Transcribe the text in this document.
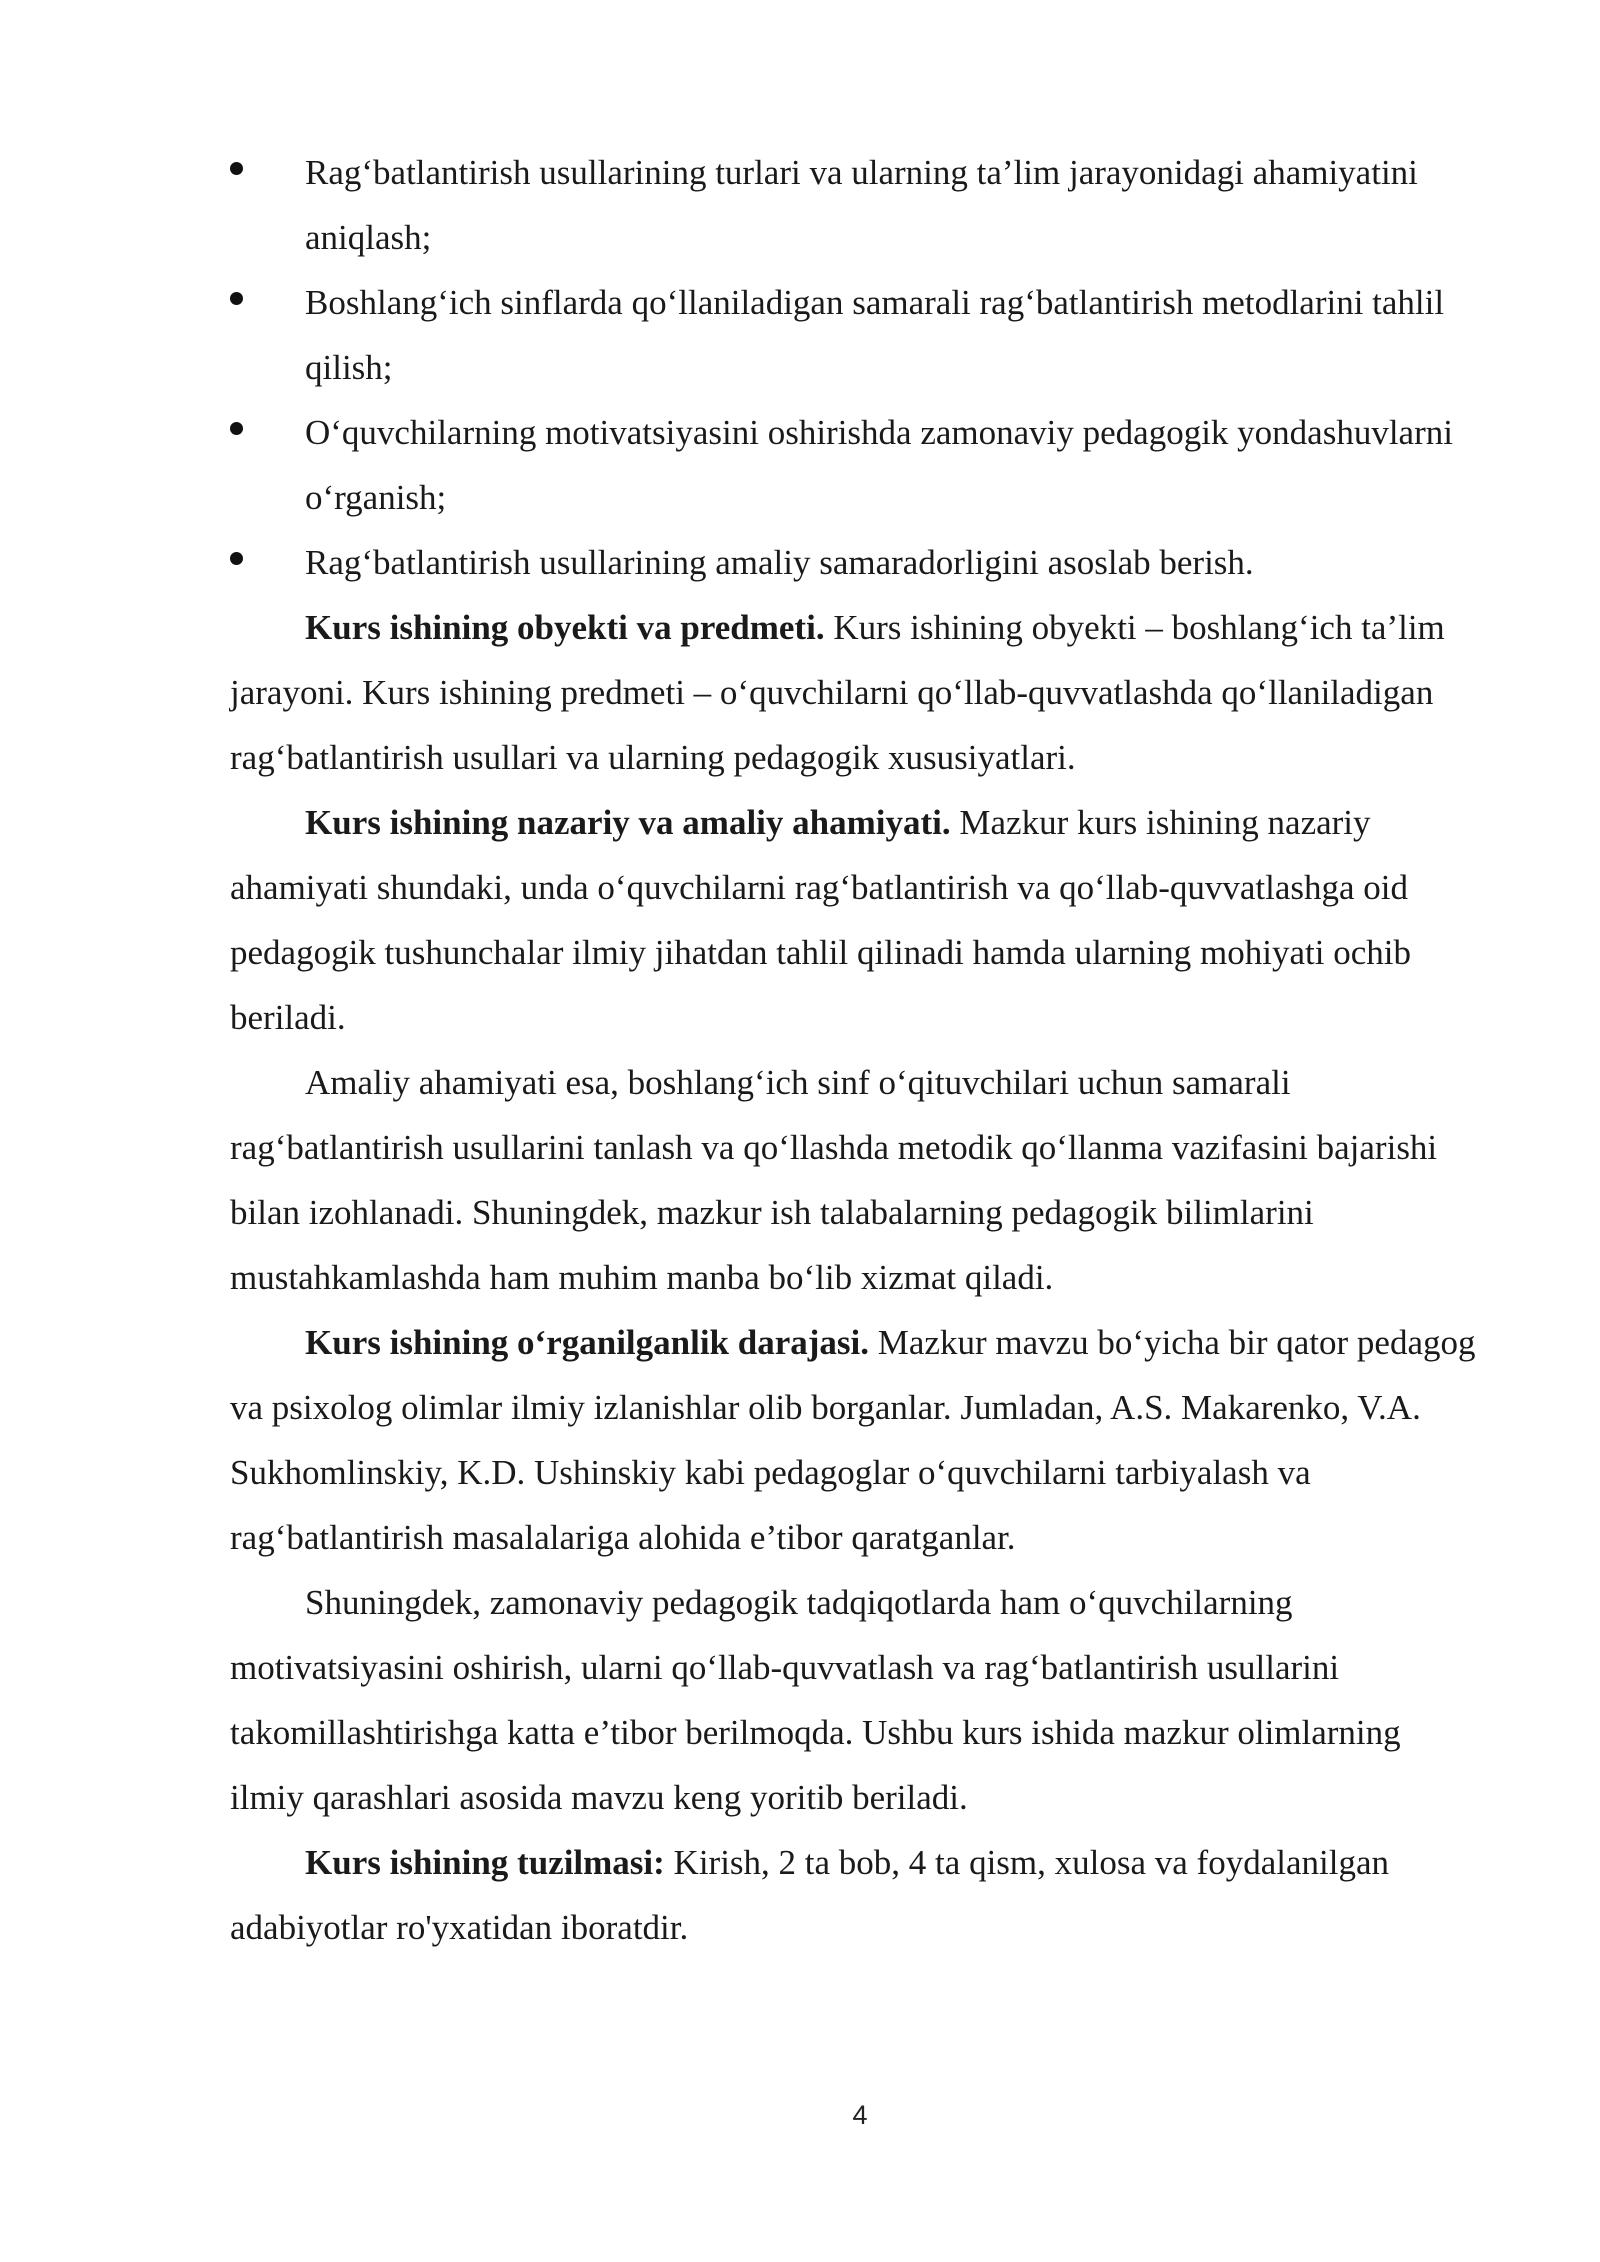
Rag‘batlantirish usullarining turlari va ularning ta’lim jarayonidagi ahamiyatini aniqlash;
Boshlang‘ich sinflarda qo‘llaniladigan samarali rag‘batlantirish metodlarini tahlil qilish;
O‘quvchilarning motivatsiyasini oshirishda zamonaviy pedagogik yondashuvlarni o‘rganish;
Rag‘batlantirish usullarining amaliy samaradorligini asoslab berish.

Kurs ishining obyekti va predmeti. Kurs ishining obyekti – boshlang‘ich ta’lim jarayoni. Kurs ishining predmeti – o‘quvchilarni qo‘llab-quvvatlashda qo‘llaniladigan rag‘batlantirish usullari va ularning pedagogik xususiyatlari.

Kurs ishining nazariy va amaliy ahamiyati. Mazkur kurs ishining nazariy ahamiyati shundaki, unda o‘quvchilarni rag‘batlantirish va qo‘llab-quvvatlashga oid pedagogik tushunchalar ilmiy jihatdan tahlil qilinadi hamda ularning mohiyati ochib beriladi.

Amaliy ahamiyati esa, boshlang‘ich sinf o‘qituvchilari uchun samarali rag‘batlantirish usullarini tanlash va qo‘llashda metodik qo‘llanma vazifasini bajarishi bilan izohlanadi. Shuningdek, mazkur ish talabalarning pedagogik bilimlarini mustahkamlashda ham muhim manba bo‘lib xizmat qiladi.

Kurs ishining o‘rganilganlik darajasi. Mazkur mavzu bo‘yicha bir qator pedagog va psixolog olimlar ilmiy izlanishlar olib borganlar. Jumladan, A.S. Makarenko, V.A. Sukhomlinskiy, K.D. Ushinskiy kabi pedagoglar o‘quvchilarni tarbiyalash va rag‘batlantirish masalalariga alohida e’tibor qaratganlar.

Shuningdek, zamonaviy pedagogik tadqiqotlarda ham o‘quvchilarning motivatsiyasini oshirish, ularni qo‘llab-quvvatlash va rag‘batlantirish usullarini takomillashtirishga katta e’tibor berilmoqda. Ushbu kurs ishida mazkur olimlarning ilmiy qarashlari asosida mavzu keng yoritib beriladi.

Kurs ishining tuzilmasi: Kirish, 2 ta bob, 4 ta qism, xulosa va foydalanilgan adabiyotlar ro'yxatidan iboratdir.

4
